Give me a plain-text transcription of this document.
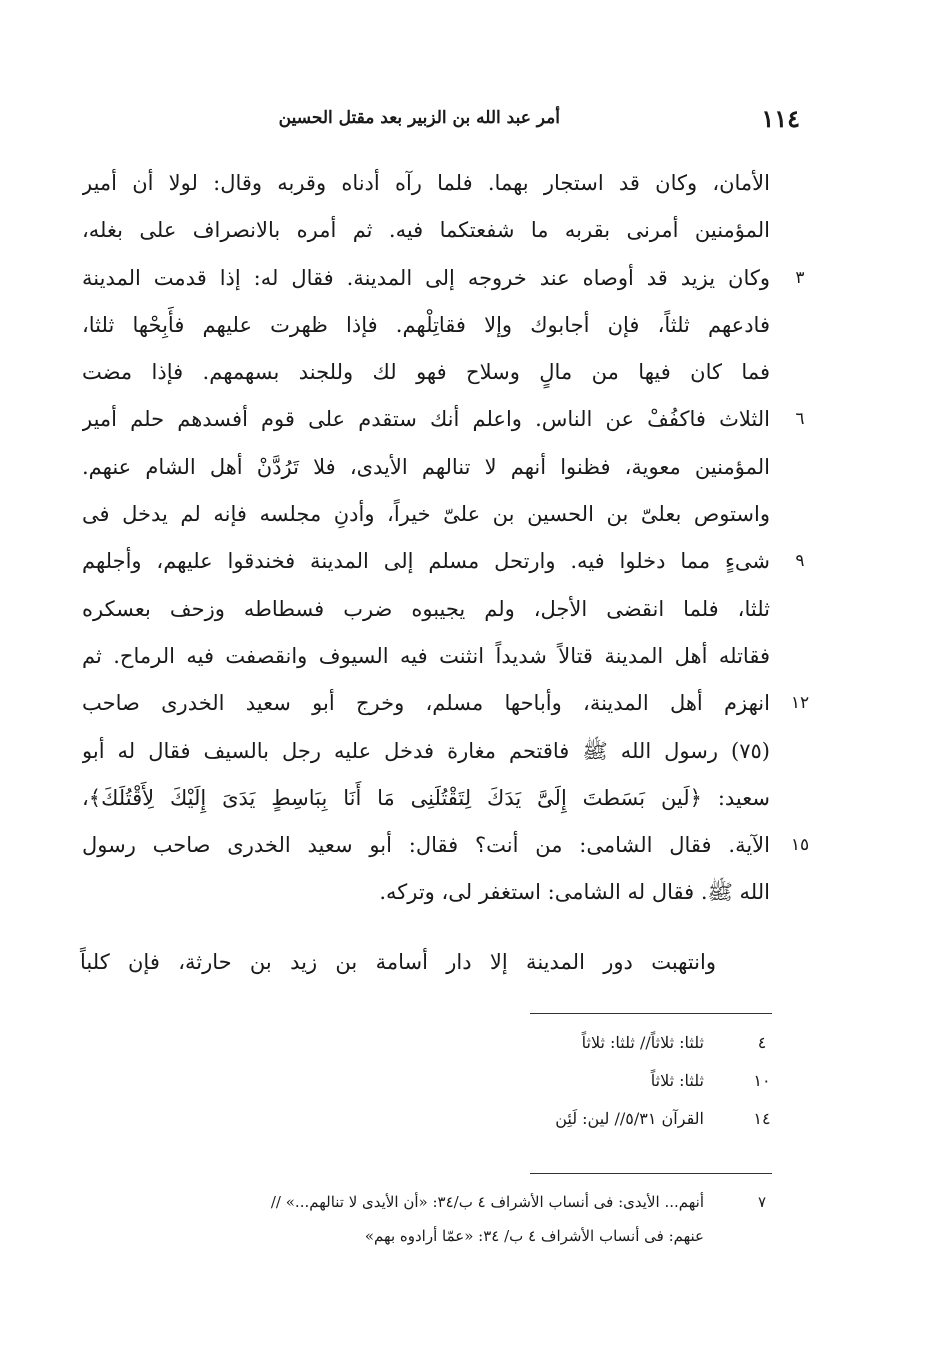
١١٤
أمر عبد الله بن الزبير بعد مقتل الحسين
الأمان، وكان قد استجار بهما. فلما رآه أدناه وقربه وقال: لولا أن أمير
المؤمنين أمرنى بقربه ما شفعتكما فيه. ثم أمره بالانصراف على بغله،
٣
وكان يزيد قد أوصاه عند خروجه إلى المدينة. فقال له: إذا قدمت المدينة
فادعهم ثلثاً، فإن أجابوك وإلا فقاتِلْهم. فإذا ظهرت عليهم فأَبِحْها ثلثا،
فما كان فيها من مالٍ وسلاح فهو لك وللجند بسهمهم. فإذا مضت
٦
الثلاث فاكفُفْ عن الناس. واعلم أنك ستقدم على قوم أفسدهم حلم أمير
المؤمنين معوية، فظنوا أنهم لا تنالهم الأيدى، فلا تَرُدَّنْ أهل الشام عنهم.
واستوص بعلىّ بن الحسين بن علىّ خيراً، وأدنِ مجلسه فإنه لم يدخل فى
٩
شىءٍ مما دخلوا فيه. وارتحل مسلم إلى المدينة فخندقوا عليهم، وأجلهم
ثلثا، فلما انقضى الأجل، ولم يجيبوه ضرب فسطاطه وزحف بعسكره
فقاتله أهل المدينة قتالاً شديداً انثنت فيه السيوف وانقصفت فيه الرماح. ثم
١٢
انهزم أهل المدينة، وأباحها مسلم، وخرج أبو سعيد الخدرى صاحب
(٧٥) رسول الله ﷺ فاقتحم مغارة فدخل عليه رجل بالسيف فقال له أبو
سعيد: ﴿لَين بَسَطتَ إِلَىَّ يَدَكَ لِتَقْتُلَنِى مَا أَنَا بِبَاسِطٍ يَدَىَ إِلَيْكَ لِأَقْتُلَكَ﴾،
١٥
الآية. فقال الشامى: من أنت؟ فقال: أبو سعيد الخدرى صاحب رسول
الله ﷺ. فقال له الشامى: استغفر لى، وتركه.
وانتهبت دور المدينة إلا دار أسامة بن زيد بن حارثة، فإن كلباً
٤
ثلثا: ثلاثاً// ثلثا: ثلاثاً
١٠
ثلثا: ثلاثاً
١٤
القرآن ٥/٣١// لين: لَئِن
٧
أنهم... الأيدى: فى أنساب الأشراف ٤ ب/٣٤: «أن الأيدى لا تنالهم...» //
عنهم: فى أنساب الأشراف ٤ ب/ ٣٤: «عمّا أرادوه بهم»
